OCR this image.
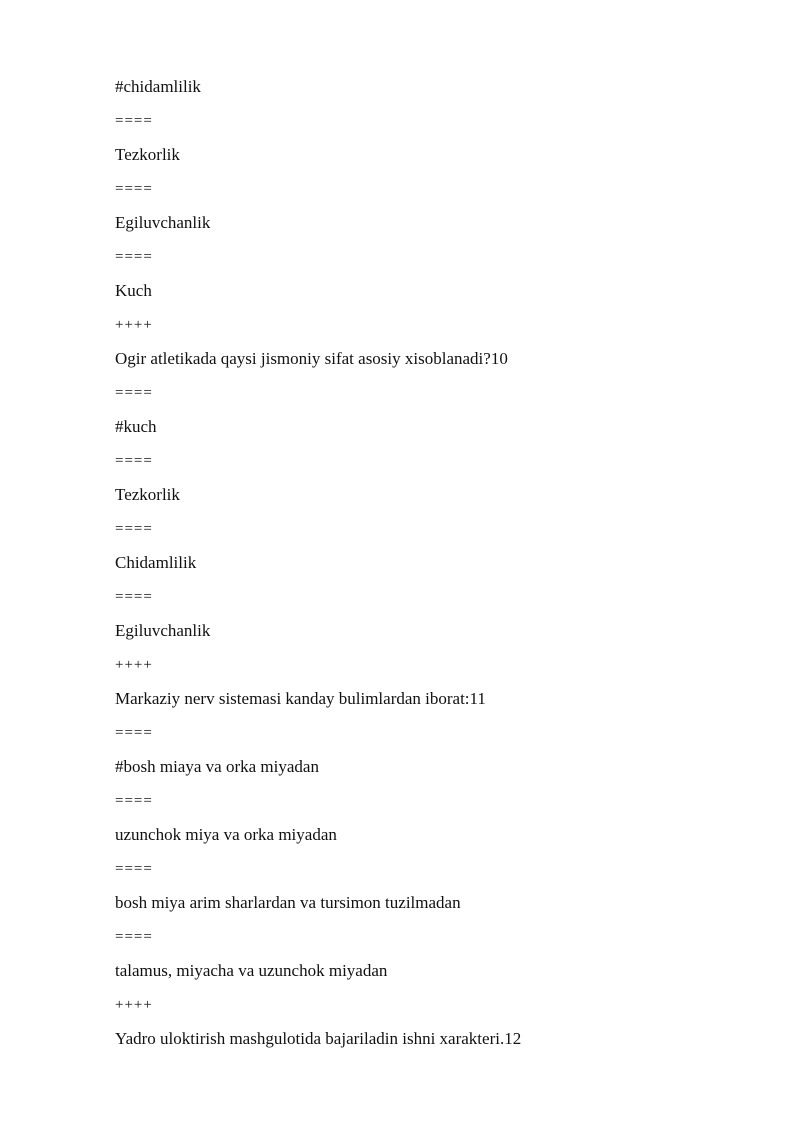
#chidamlilik
====
Tezkorlik
====
Egiluvchanlik
====
Kuch
++++
Ogir atletikada qaysi jismoniy sifat asosiy xisoblanadi?10
====
#kuch
====
Tezkorlik
====
Chidamlilik
====
Egiluvchanlik
++++
Markaziy nerv sistemasi kanday bulimlardan iborat:11
====
#bosh miaya va orka miyadan
====
uzunchok miya va orka miyadan
====
bosh miya arim sharlardan va tursimon tuzilmadan
====
talamus, miyacha va uzunchok miyadan
++++
Yadro uloktirish mashgulotida bajariladin ishni xarakteri.12
